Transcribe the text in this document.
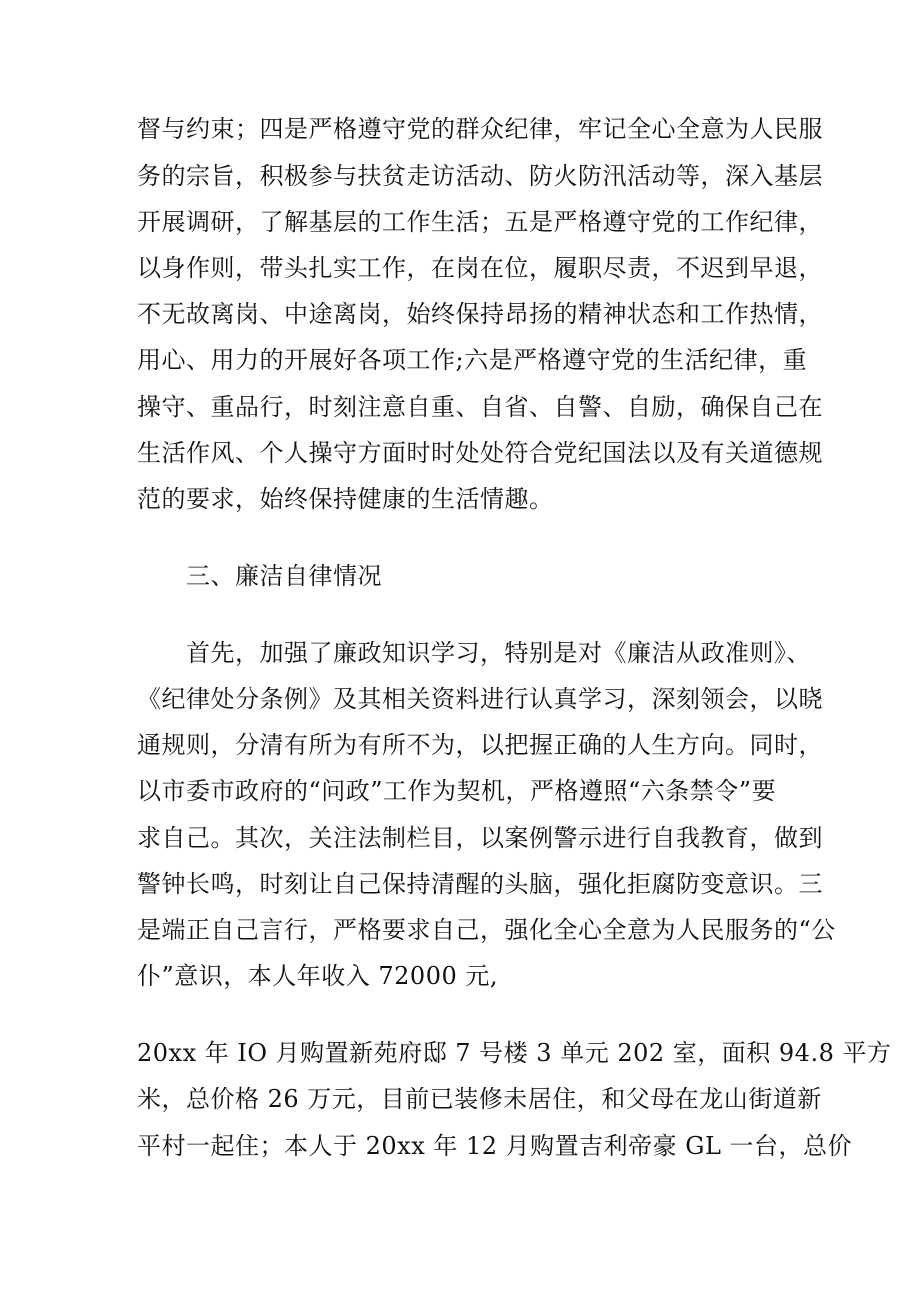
督与约束；四是严格遵守党的群众纪律，牢记全心全意为人民服
务的宗旨，积极参与扶贫走访活动、防火防汛活动等，深入基层
开展调研，了解基层的工作生活；五是严格遵守党的工作纪律，
以身作则，带头扎实工作，在岗在位，履职尽责，不迟到早退，
不无故离岗、中途离岗，始终保持昂扬的精神状态和工作热情，
用心、用力的开展好各项工作;六是严格遵守党的生活纪律，重
操守、重品行，时刻注意自重、自省、自警、自励，确保自己在
生活作风、个人操守方面时时处处符合党纪国法以及有关道德规
范的要求，始终保持健康的生活情趣。
三、廉洁自律情况
首先，加强了廉政知识学习，特别是对《廉洁从政准则》、
《纪律处分条例》及其相关资料进行认真学习，深刻领会，以晓
通规则，分清有所为有所不为，以把握正确的人生方向。同时，
以市委市政府的“问政”工作为契机，严格遵照“六条禁令”要
求自己。其次，关注法制栏目，以案例警示进行自我教育，做到
警钟长鸣，时刻让自己保持清醒的头脑，强化拒腐防变意识。三
是端正自己言行，严格要求自己，强化全心全意为人民服务的“公
仆”意识，本人年收入 72000 元,
20xx 年 IO 月购置新苑府邸 7 号楼 3 单元 202 室，面积 94.8 平方
米，总价格 26 万元，目前已装修未居住，和父母在龙山街道新
平村一起住；本人于 20xx 年 12 月购置吉利帝豪 GL 一台，总价
